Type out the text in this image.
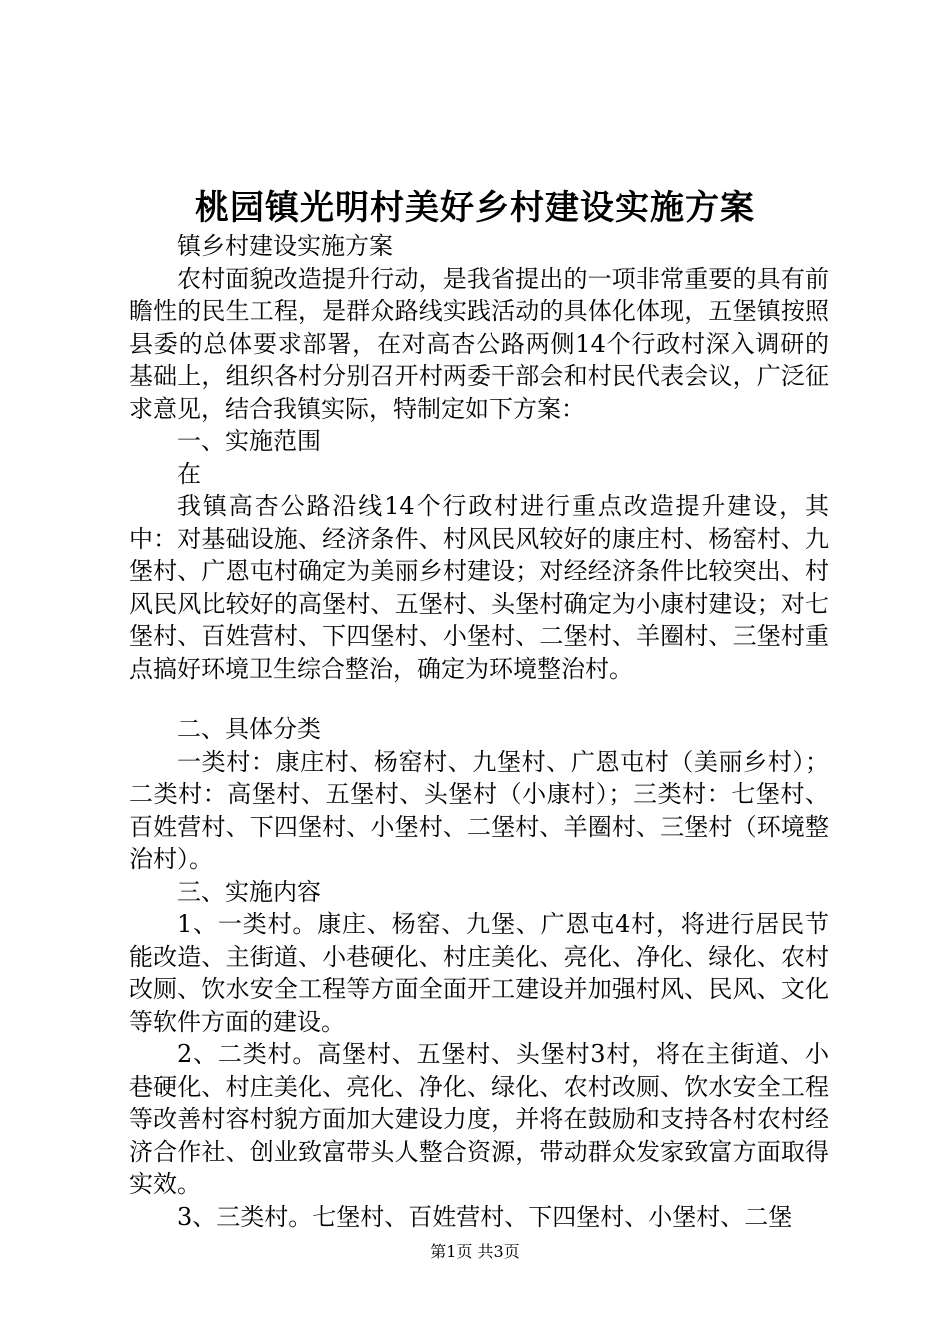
桃园镇光明村美好乡村建设实施方案

镇乡村建设实施方案

农村面貌改造提升行动，是我省提出的一项非常重要的具有前瞻性的民生工程，是群众路线实践活动的具体化体现，五堡镇按照县委的总体要求部署，在对高杏公路两侧14个行政村深入调研的基础上，组织各村分别召开村两委干部会和村民代表会议，广泛征求意见，结合我镇实际，特制定如下方案：

一、实施范围

在

我镇高杏公路沿线14个行政村进行重点改造提升建设，其中：对基础设施、经济条件、村风民风较好的康庄村、杨窑村、九堡村、广恩屯村确定为美丽乡村建设；对经经济条件比较突出、村风民风比较好的高堡村、五堡村、头堡村确定为小康村建设；对七堡村、百姓营村、下四堡村、小堡村、二堡村、羊圈村、三堡村重点搞好环境卫生综合整治，确定为环境整治村。

二、具体分类

一类村：康庄村、杨窑村、九堡村、广恩屯村（美丽乡村）；二类村：高堡村、五堡村、头堡村（小康村）；三类村：七堡村、百姓营村、下四堡村、小堡村、二堡村、羊圈村、三堡村（环境整治村）。

三、实施内容

1、一类村。康庄、杨窑、九堡、广恩屯4村，将进行居民节能改造、主街道、小巷硬化、村庄美化、亮化、净化、绿化、农村改厕、饮水安全工程等方面全面开工建设并加强村风、民风、文化等软件方面的建设。

2、二类村。高堡村、五堡村、头堡村3村，将在主街道、小巷硬化、村庄美化、亮化、净化、绿化、农村改厕、饮水安全工程等改善村容村貌方面加大建设力度，并将在鼓励和支持各村农村经济合作社、创业致富带头人整合资源，带动群众发家致富方面取得实效。

3、三类村。七堡村、百姓营村、下四堡村、小堡村、二堡

第1页 共3页
